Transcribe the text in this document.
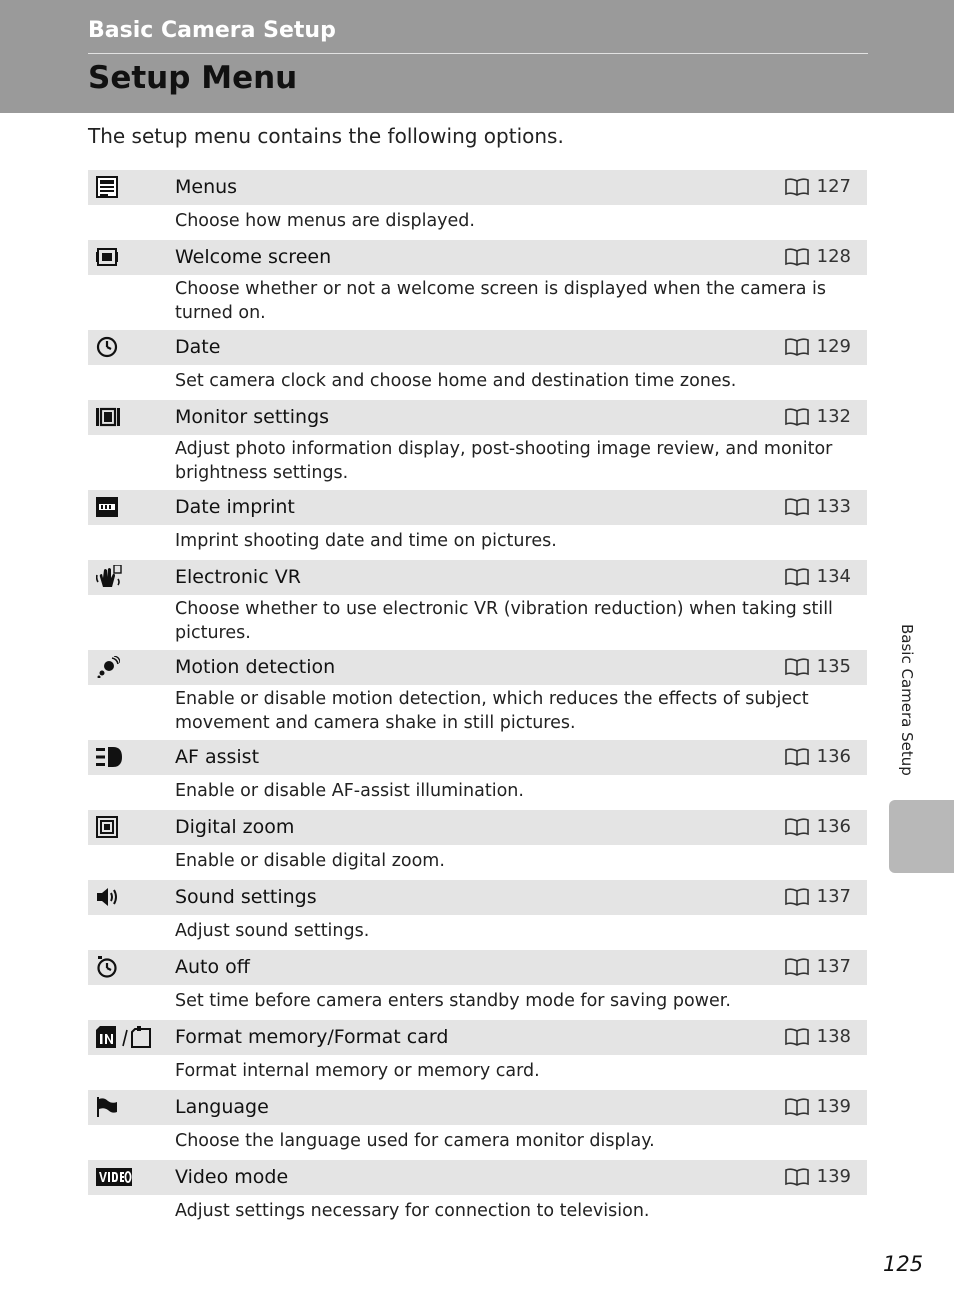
Basic Camera Setup
Setup Menu
The setup menu contains the following options.
Menus	127
Choose how menus are displayed.
Welcome screen	128
Choose whether or not a welcome screen is displayed when the camera is turned on.
Date	129
Set camera clock and choose home and destination time zones.
Monitor settings	132
Adjust photo information display, post-shooting image review, and monitor brightness settings.
Date imprint	133
Imprint shooting date and time on pictures.
Electronic VR	134
Choose whether to use electronic VR (vibration reduction) when taking still pictures.
Motion detection	135
Enable or disable motion detection, which reduces the effects of subject movement and camera shake in still pictures.
AF assist	136
Enable or disable AF-assist illumination.
Digital zoom	136
Enable or disable digital zoom.
Sound settings	137
Adjust sound settings.
Auto off	137
Set time before camera enters standby mode for saving power.
Format memory/Format card	138
Format internal memory or memory card.
Language	139
Choose the language used for camera monitor display.
Video mode	139
Adjust settings necessary for connection to television.
Basic Camera Setup
125
